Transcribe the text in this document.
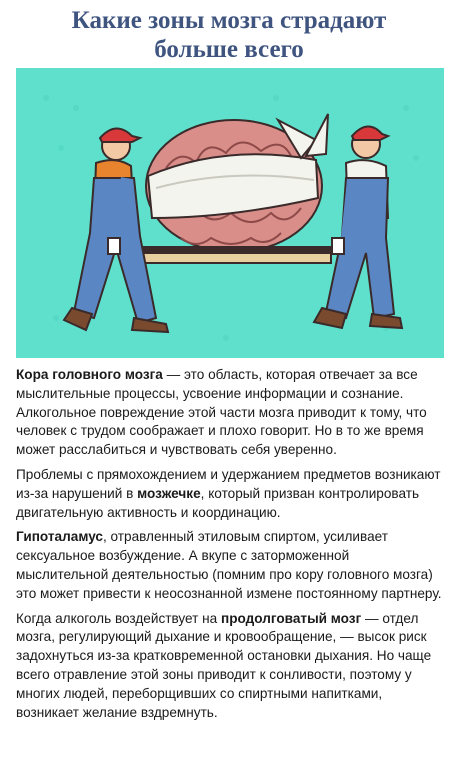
Какие зоны мозга страдают
больше всего

Кора головного мозга — это область, которая отвечает за все мыслительные процессы, усвоение информации и сознание. Алкогольное повреждение этой части мозга приводит к тому, что человек с трудом соображает и плохо говорит. Но в то же время может расслабиться и чувствовать себя уверенно.

Проблемы с прямохождением и удержанием предметов возникают из-за нарушений в мозжечке, который призван контролировать двигательную активность и координацию.

Гипоталамус, отравленный этиловым спиртом, усиливает сексуальное возбуждение. А вкупе с заторможенной мыслительной деятельностью (помним про кору головного мозга) это может привести к неосознанной измене постоянному партнеру.

Когда алкоголь воздействует на продолговатый мозг — отдел мозга, регулирующий дыхание и кровообращение, — высок риск задохнуться из-за кратковременной остановки дыхания. Но чаще всего отравление этой зоны приводит к сонливости, поэтому у многих людей, переборщивших со спиртными напитками, возникает желание вздремнуть.
